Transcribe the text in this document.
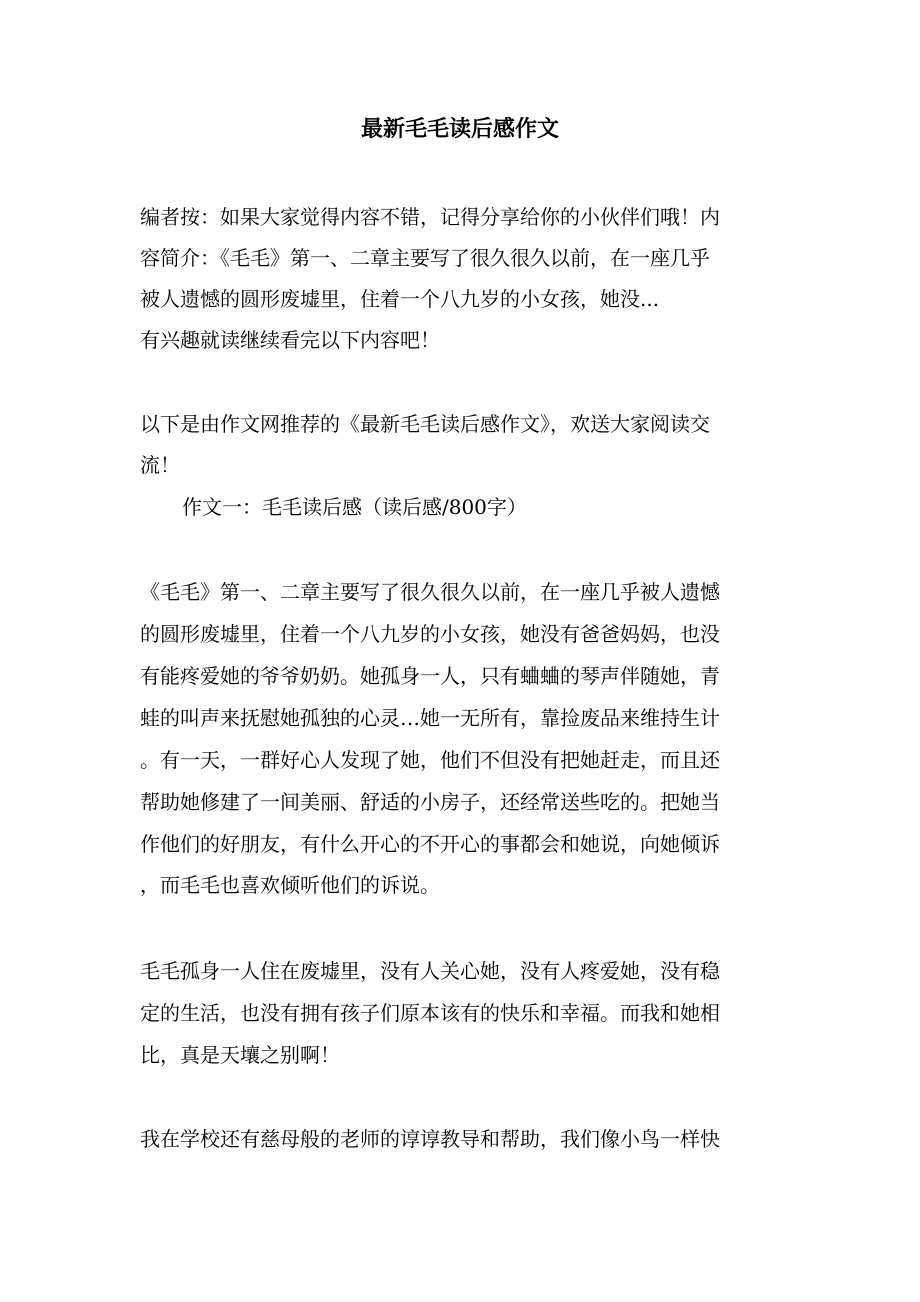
最新毛毛读后感作文
编者按：如果大家觉得内容不错，记得分享给你的小伙伴们哦！内
容简介：《毛毛》第一、二章主要写了很久很久以前，在一座几乎
被人遗憾的圆形废墟里，住着一个八九岁的小女孩，她没...
有兴趣就读继续看完以下内容吧！
以下是由作文网推荐的《最新毛毛读后感作文》，欢送大家阅读交
流！
作文一：毛毛读后感（读后感/800字）
《毛毛》第一、二章主要写了很久很久以前，在一座几乎被人遗憾
的圆形废墟里，住着一个八九岁的小女孩，她没有爸爸妈妈，也没
有能疼爱她的爷爷奶奶。她孤身一人，只有蛐蛐的琴声伴随她，青
蛙的叫声来抚慰她孤独的心灵…她一无所有，靠捡废品来维持生计
。有一天，一群好心人发现了她，他们不但没有把她赶走，而且还
帮助她修建了一间美丽、舒适的小房子，还经常送些吃的。把她当
作他们的好朋友，有什么开心的不开心的事都会和她说，向她倾诉
，而毛毛也喜欢倾听他们的诉说。
毛毛孤身一人住在废墟里，没有人关心她，没有人疼爱她，没有稳
定的生活，也没有拥有孩子们原本该有的快乐和幸福。而我和她相
比，真是天壤之别啊！
我在学校还有慈母般的老师的谆谆教导和帮助，我们像小鸟一样快
